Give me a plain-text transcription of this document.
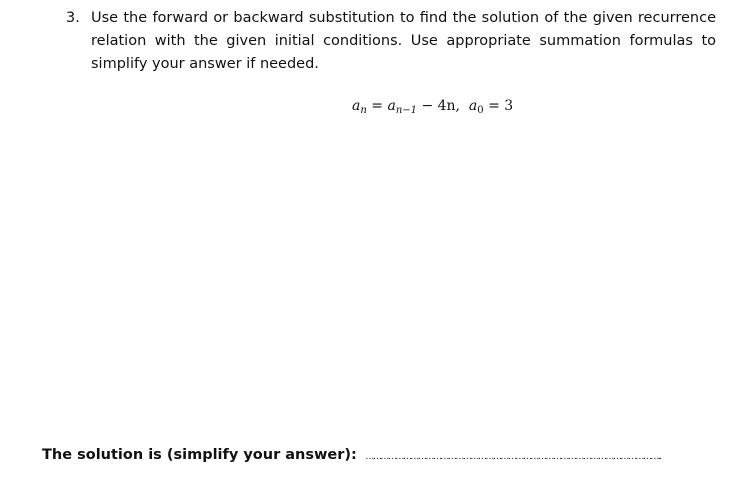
3. Use the forward or backward substitution to find the solution of the given recurrence relation with the given initial conditions. Use appropriate summation formulas to simplify your answer if needed.
$a_n = a_{n-1} - 4n$, $a_0 = 3$
The solution is (simplify your answer): ………………………………………………………………………………………………………..
